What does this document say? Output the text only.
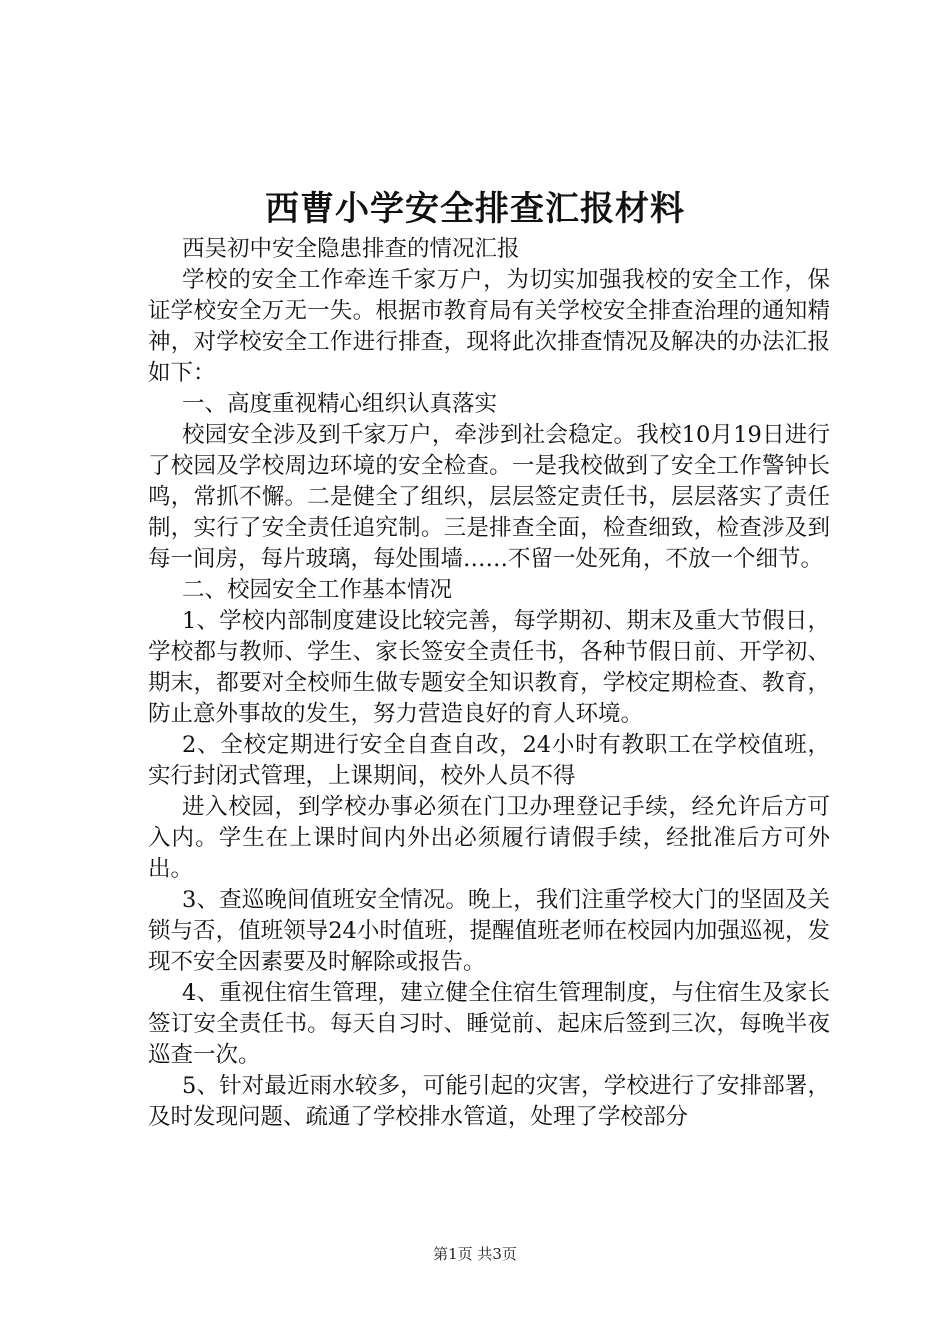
西曹小学安全排查汇报材料

西吴初中安全隐患排查的情况汇报

学校的安全工作牵连千家万户，为切实加强我校的安全工作，保证学校安全万无一失。根据市教育局有关学校安全排查治理的通知精神，对学校安全工作进行排查，现将此次排查情况及解决的办法汇报如下：

一、高度重视精心组织认真落实

校园安全涉及到千家万户，牵涉到社会稳定。我校10月19日进行了校园及学校周边环境的安全检查。一是我校做到了安全工作警钟长鸣，常抓不懈。二是健全了组织，层层签定责任书，层层落实了责任制，实行了安全责任追究制。三是排查全面，检查细致，检查涉及到每一间房，每片玻璃，每处围墙……不留一处死角，不放一个细节。

二、校园安全工作基本情况

1、学校内部制度建设比较完善，每学期初、期末及重大节假日，学校都与教师、学生、家长签安全责任书，各种节假日前、开学初、期末，都要对全校师生做专题安全知识教育，学校定期检查、教育，防止意外事故的发生，努力营造良好的育人环境。

2、全校定期进行安全自查自改，24小时有教职工在学校值班，实行封闭式管理，上课期间，校外人员不得

进入校园，到学校办事必须在门卫办理登记手续，经允许后方可入内。学生在上课时间内外出必须履行请假手续，经批准后方可外出。

3、查巡晚间值班安全情况。晚上，我们注重学校大门的坚固及关锁与否，值班领导24小时值班，提醒值班老师在校园内加强巡视，发现不安全因素要及时解除或报告。

4、重视住宿生管理，建立健全住宿生管理制度，与住宿生及家长签订安全责任书。每天自习时、睡觉前、起床后签到三次，每晚半夜巡查一次。

5、针对最近雨水较多，可能引起的灾害，学校进行了安排部署，及时发现问题、疏通了学校排水管道，处理了学校部分

第1页 共3页
